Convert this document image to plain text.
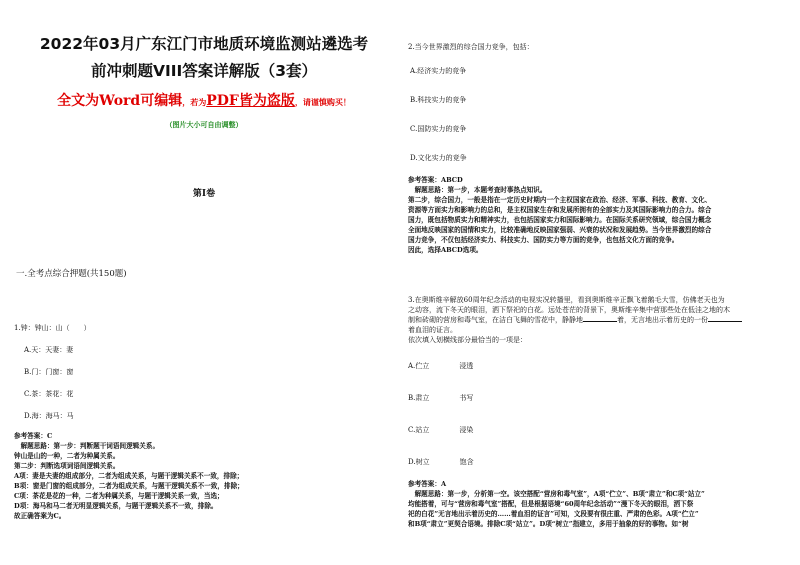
2022年03月广东江门市地质环境监测站遴选考
前冲刺题VIII答案详解版（3套）
全文为Word可编辑，若为PDF皆为盗版，请谨慎购买！
（图片大小可自由调整）
第I卷
一.全考点综合押题(共150题)
1.钟：钟山：山（　　）
A.天：天妻：妻
B.门：门窗：窗
C.茶：茶花：花
D.海：海马：马
参考答案：C
　解题思路：第一步：判断题干词语间逻辑关系。
钟山是山的一种，二者为种属关系。
第二步：判断选项词语间逻辑关系。
A项：妻是夫妻的组成部分，二者为组成关系，与题干逻辑关系不一致，排除；
B项：窗是门窗的组成部分，二者为组成关系，与题干逻辑关系不一致，排除；
C项：茶花是花的一种，二者为种属关系，与题干逻辑关系一致，当选；
D项：海马和马二者无明显逻辑关系，与题干逻辑关系不一致，排除。
故正确答案为C。
2.当今世界激烈的综合国力竞争，包括：
A.经济实力的竞争
B.科技实力的竞争
C.国防实力的竞争
D.文化实力的竞争
参考答案：ABCD
　解题思路：第一步，本题考查时事热点知识。
第二步，综合国力，一般是指在一定历史时期内一个主权国家在政治、经济、军事、科技、教育、文化、
资源等方面实力和影响力的总和，是主权国家生存和发展所拥有的全部实力及其国际影响力的合力。综合
国力，既包括物质实力和精神实力，也包括国家实力和国际影响力。在国际关系研究领域，综合国力概念
全面地反映国家的国情和实力，比较准确地反映国家强弱、兴衰的状况和发展趋势。当今世界激烈的综合
国力竞争，不仅包括经济实力、科技实力、国防实力等方面的竞争，也包括文化方面的竞争。
因此，选择ABCD选项。
3.在奥斯维辛解放60周年纪念活动的电视实况转播里，看到奥斯维辛正飘飞着鹅毛大雪，仿佛老天也为
之动容，流下冬天的眼泪，洒下祭祀的白花。远处苍茫的背景下，奥斯维辛集中营那些处在低洼之地的木
制和砖砌的营房和毒气室，在洁白飞舞的雪花中，静静地	着，无言地出示着历史的一份
着血泪的证言。
依次填入划横线部分最恰当的一项是：
A.伫立	浸透
B.肃立	书写
C.站立	浸染
D.树立	饱含
参考答案：A
　解题思路：第一步，分析第一空。该空搭配“营房和毒气室”，A项“伫立”、B项“肃立”和C项“站立”
均能搭着，可与“营房和毒气室”搭配，但是根据语境“60周年纪念活动”“漫下冬天的眼泪，洒下祭
祀的白花”无言地出示着历史的……着血泪的证言”可知，文段要有很庄重、严肃的色彩。A项“伫立”
和B项“肃立”更契合语境。排除C项“站立”。D项“树立”指建立，多用于抽象的好的事物。如“树
